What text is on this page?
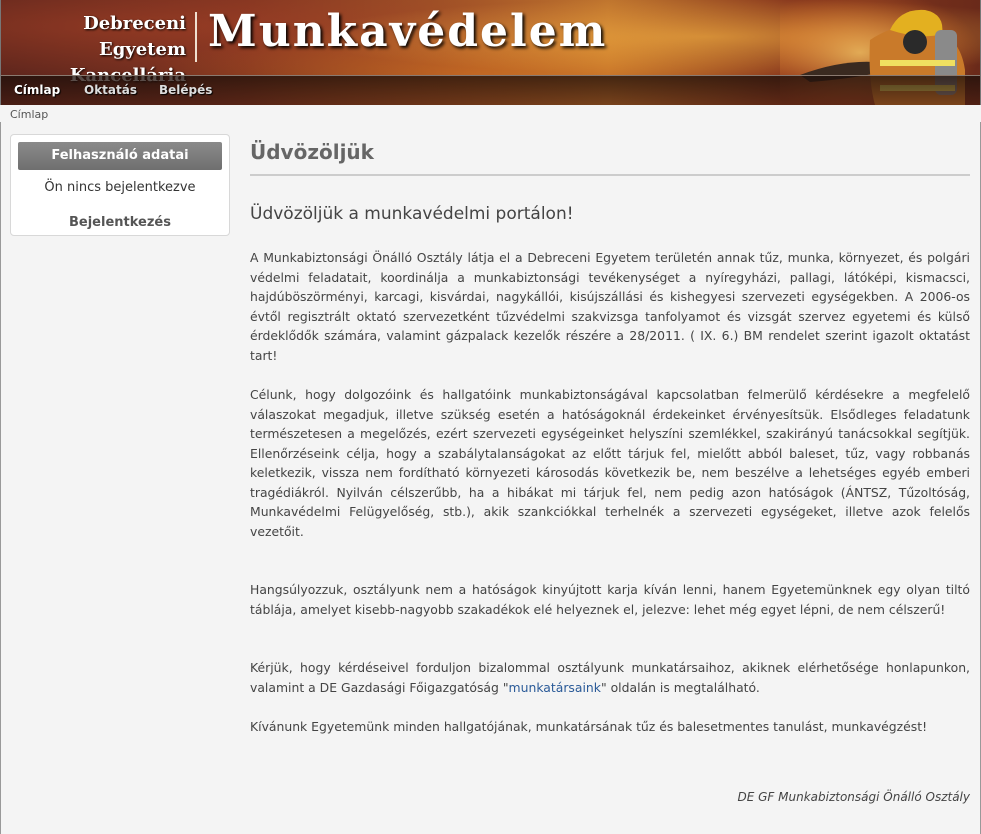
Debreceni Egyetem Munkavédelem
Címlap Oktatás Belépés
Címlap
Felhasználó adatai
Ön nincs bejelentkezve
Bejelentkezés
Üdvözöljük
Üdvözöljük a munkavédelmi portálon!

A Munkabiztonsági Önálló Osztály látja el a Debreceni Egyetem területén annak tűz, munka, környezet, és polgári védelmi feladatait, koordinálja a munkabiztonsági tevékenységet a nyíregyházi, pallagi, látóképi, kismacsci, hajdúböszörményi, karcagi, kisvárdai, nagykállói, kisújszállási és kishegyesi szervezeti egységekben. A 2006-os évtől regisztrált oktató szervezetként tűzvédelmi szakvizsga tanfolyamot és vizsgát szervez egyetemi és külső érdeklődők számára, valamint gázpalack kezelők részére a 28/2011. ( IX. 6.) BM rendelet szerint igazolt oktatást tart!

Célunk, hogy dolgozóink és hallgatóink munkabiztonságával kapcsolatban felmerülő kérdésekre a megfelelő válaszokat megadjuk, illetve szükség esetén a hatóságoknál érdekeinket érvényesítsük. Elsődleges feladatunk természetesen a megelőzés, ezért szervezeti egységeinket helyszíni szemlékkel, szakirányú tanácsokkal segítjük. Ellenőrzéseink célja, hogy a szabálytalanságokat az előtt tárjuk fel, mielőtt abból baleset, tűz, vagy robbanás keletkezik, vissza nem fordítható környezeti károsodás következik be, nem beszélve a lehetséges egyéb emberi tragédiákról. Nyilván célszerűbb, ha a hibákat mi tárjuk fel, nem pedig azon hatóságok (ÁNTSZ, Tűzoltóság, Munkavédelmi Felügyelőség, stb.), akik szankciókkal terhelnék a szervezeti egységeket, illetve azok felelős vezetőit.

Hangsúlyozzuk, osztályunk nem a hatóságok kinyújtott karja kíván lenni, hanem Egyetemünknek egy olyan tiltó táblája, amelyet kisebb-nagyobb szakadékok elé helyeznek el, jelezve: lehet még egyet lépni, de nem célszerű!

Kérjük, hogy kérdéseivel forduljon bizalommal osztályunk munkatársaihoz, akiknek elérhetősége honlapunkon, valamint a DE Gazdasági Főigazgatóság "munkatársaink" oldalán is megtalálható.

Kívánunk Egyetemünk minden hallgatójának, munkatársának tűz és balesetmentes tanulást, munkavégzést!

DE GF Munkabiztonsági Önálló Osztály
